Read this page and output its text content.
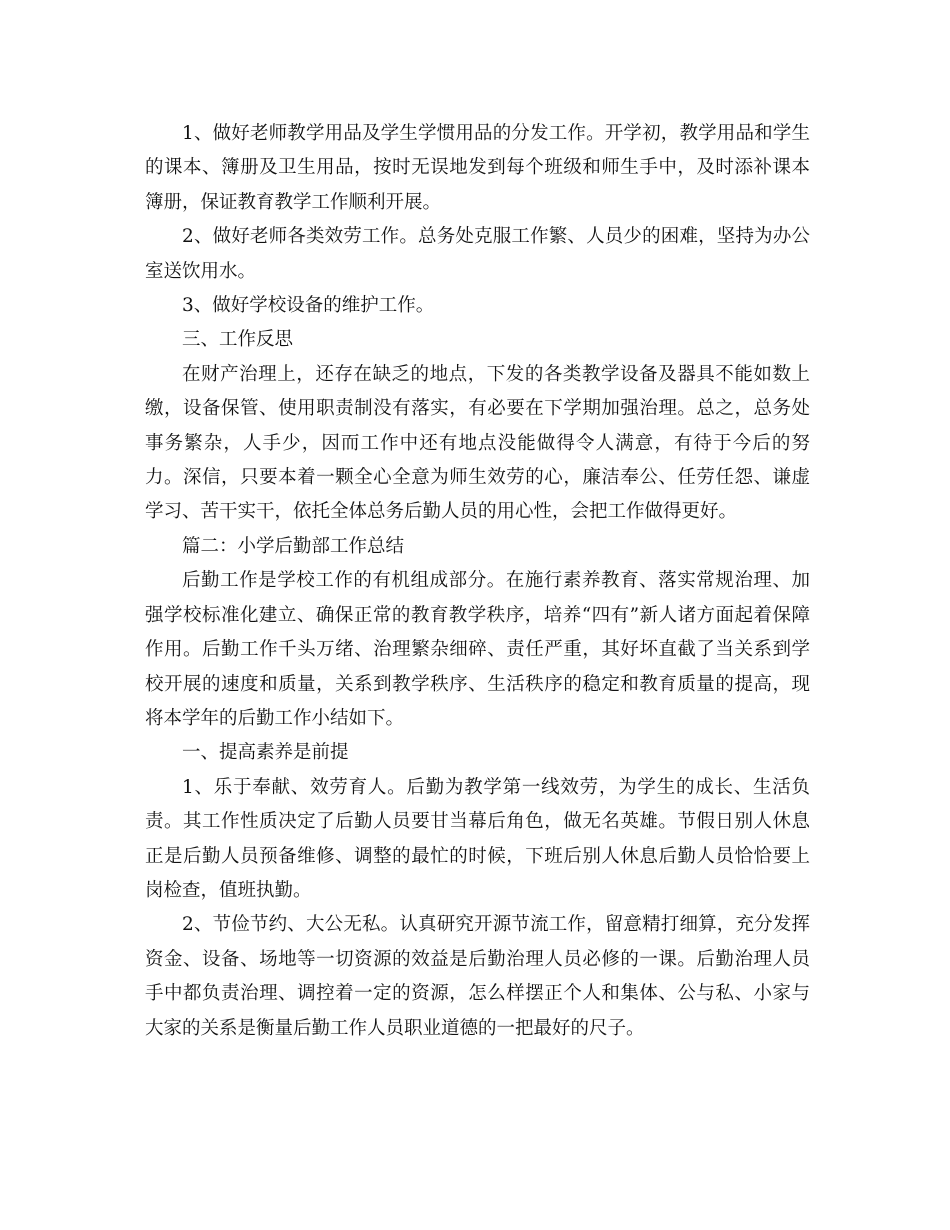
1、做好老师教学用品及学生学惯用品的分发工作。开学初，教学用品和学生的课本、簿册及卫生用品，按时无误地发到每个班级和师生手中，及时添补课本簿册，保证教育教学工作顺利开展。

2、做好老师各类效劳工作。总务处克服工作繁、人员少的困难，坚持为办公室送饮用水。

3、做好学校设备的维护工作。

三、工作反思

在财产治理上，还存在缺乏的地点，下发的各类教学设备及器具不能如数上缴，设备保管、使用职责制没有落实，有必要在下学期加强治理。总之，总务处事务繁杂，人手少，因而工作中还有地点没能做得令人满意，有待于今后的努力。深信，只要本着一颗全心全意为师生效劳的心，廉洁奉公、任劳任怨、谦虚学习、苦干实干，依托全体总务后勤人员的用心性，会把工作做得更好。

篇二：小学后勤部工作总结

后勤工作是学校工作的有机组成部分。在施行素养教育、落实常规治理、加强学校标准化建立、确保正常的教育教学秩序，培养“四有”新人诸方面起着保障作用。后勤工作千头万绪、治理繁杂细碎、责任严重，其好坏直截了当关系到学校开展的速度和质量，关系到教学秩序、生活秩序的稳定和教育质量的提高，现将本学年的后勤工作小结如下。

一、提高素养是前提

1、乐于奉献、效劳育人。后勤为教学第一线效劳，为学生的成长、生活负责。其工作性质决定了后勤人员要甘当幕后角色，做无名英雄。节假日别人休息正是后勤人员预备维修、调整的最忙的时候，下班后别人休息后勤人员恰恰要上岗检查，值班执勤。

2、节俭节约、大公无私。认真研究开源节流工作，留意精打细算，充分发挥资金、设备、场地等一切资源的效益是后勤治理人员必修的一课。后勤治理人员手中都负责治理、调控着一定的资源，怎么样摆正个人和集体、公与私、小家与大家的关系是衡量后勤工作人员职业道德的一把最好的尺子。
